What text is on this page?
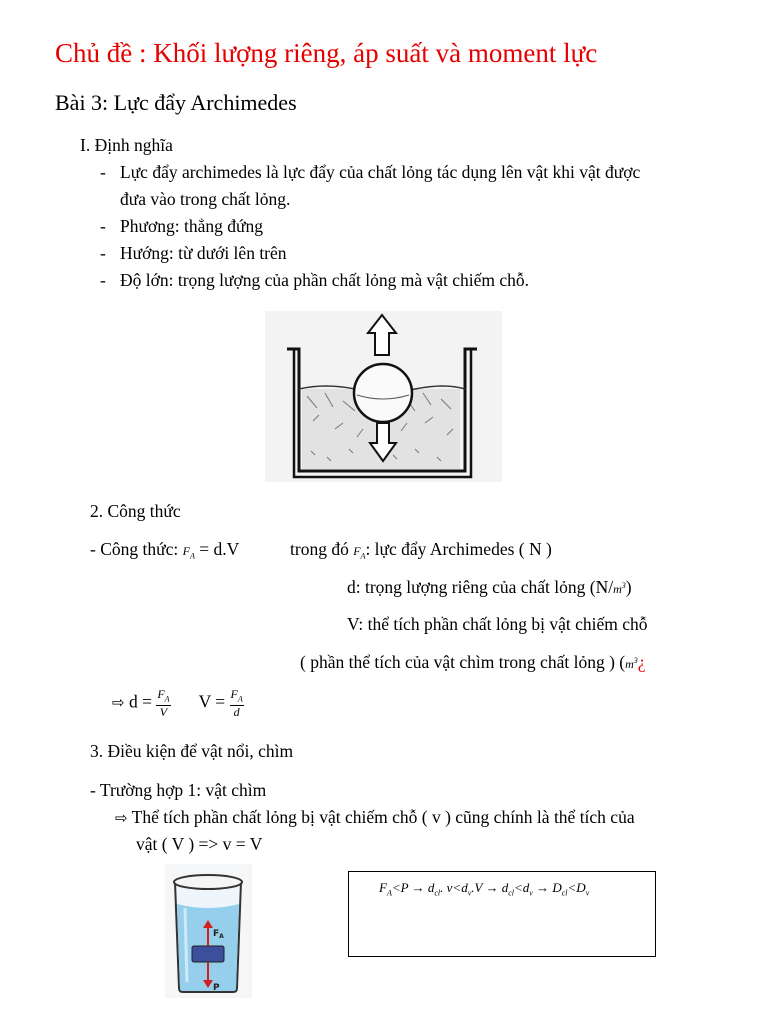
Chủ đề : Khối lượng riêng, áp suất và moment lực
Bài 3: Lực đẩy Archimedes
I. Định nghĩa
- Lực đẩy archimedes là lực đẩy của chất lỏng tác dụng lên vật khi vật được
đưa vào trong chất lỏng.
- Phương: thẳng đứng
- Hướng: từ dưới lên trên
- Độ lớn: trọng lượng của phần chất lỏng mà vật chiếm chỗ.
2. Công thức
- Công thức: $F_A = d.V$	trong đó $F_A$: lực đẩy Archimedes ( N )
d: trọng lượng riêng của chất lỏng $(N/m^3)$
V: thể tích phần chất lỏng bị vật chiếm chỗ
( phần thể tích của vật chìm trong chất lỏng ) ($m^3¿$
⇨ $d = \frac{F_A}{V}$ $V = \frac{F_A}{d}$
3. Điều kiện để vật nổi, chìm
- Trường hợp 1: vật chìm
⇨ Thể tích phần chất lỏng bị vật chiếm chỗ ( v ) cũng chính là thể tích của
vật ( V ) => v = V
$F_A$
P
$F_A<P \to d_{cl}$. $v<d_v.V \to d_{cl}<d_v \to D_{cl}<D_v$
